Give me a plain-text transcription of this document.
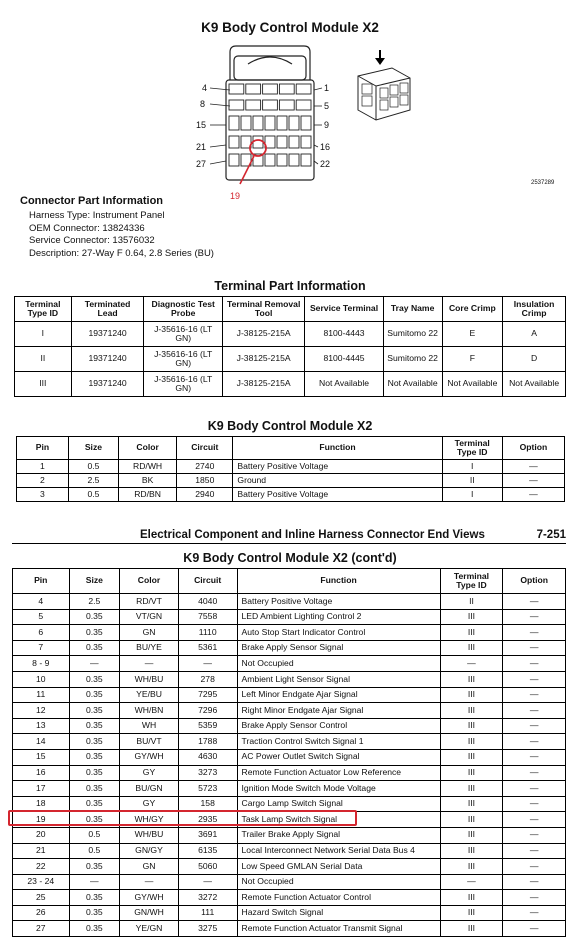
K9 Body Control Module X2
4
8
15
21
27
1
5
9
16
22
19
2537289
Connector Part Information
Harness Type: Instrument Panel
OEM Connector: 13824336
Service Connector: 13576032
Description: 27-Way F 0.64, 2.8 Series (BU)
Terminal Part Information
Terminal Type ID	Terminated Lead	Diagnostic Test Probe	Terminal Removal Tool	Service Terminal	Tray Name	Core Crimp	Insulation Crimp
I	19371240	J-35616-16 (LT GN)	J-38125-215A	8100-4443	Sumitomo 22	E	A
II	19371240	J-35616-16 (LT GN)	J-38125-215A	8100-4445	Sumitomo 22	F	D
III	19371240	J-35616-16 (LT GN)	J-38125-215A	Not Available	Not Available	Not Available	Not Available
K9 Body Control Module X2
Pin	Size	Color	Circuit	Function	Terminal Type ID	Option
1	0.5	RD/WH	2740	Battery Positive Voltage	I	—
2	2.5	BK	1850	Ground	II	—
3	0.5	RD/BN	2940	Battery Positive Voltage	I	—
Electrical Component and Inline Harness Connector End Views	7-251
K9 Body Control Module X2 (cont'd)
Pin	Size	Color	Circuit	Function	Terminal Type ID	Option
4	2.5	RD/VT	4040	Battery Positive Voltage	II	—
5	0.35	VT/GN	7558	LED Ambient Lighting Control 2	III	—
6	0.35	GN	1110	Auto Stop Start Indicator Control	III	—
7	0.35	BU/YE	5361	Brake Apply Sensor Signal	III	—
8 - 9	—	—	—	Not Occupied	—	—
10	0.35	WH/BU	278	Ambient Light Sensor Signal	III	—
11	0.35	YE/BU	7295	Left Minor Endgate Ajar Signal	III	—
12	0.35	WH/BN	7296	Right Minor Endgate Ajar Signal	III	—
13	0.35	WH	5359	Brake Apply Sensor Control	III	—
14	0.35	BU/VT	1788	Traction Control Switch Signal 1	III	—
15	0.35	GY/WH	4630	AC Power Outlet Switch Signal	III	—
16	0.35	GY	3273	Remote Function Actuator Low Reference	III	—
17	0.35	BU/GN	5723	Ignition Mode Switch Mode Voltage	III	—
18	0.35	GY	158	Cargo Lamp Switch Signal	III	—
19	0.35	WH/GY	2935	Task Lamp Switch Signal	III	—
20	0.5	WH/BU	3691	Trailer Brake Apply Signal	III	—
21	0.5	GN/GY	6135	Local Interconnect Network Serial Data Bus 4	III	—
22	0.35	GN	5060	Low Speed GMLAN Serial Data	III	—
23 - 24	—	—	—	Not Occupied	—	—
25	0.35	GY/WH	3272	Remote Function Actuator Control	III	—
26	0.35	GN/WH	111	Hazard Switch Signal	III	—
27	0.35	YE/GN	3275	Remote Function Actuator Transmit Signal	III	—
